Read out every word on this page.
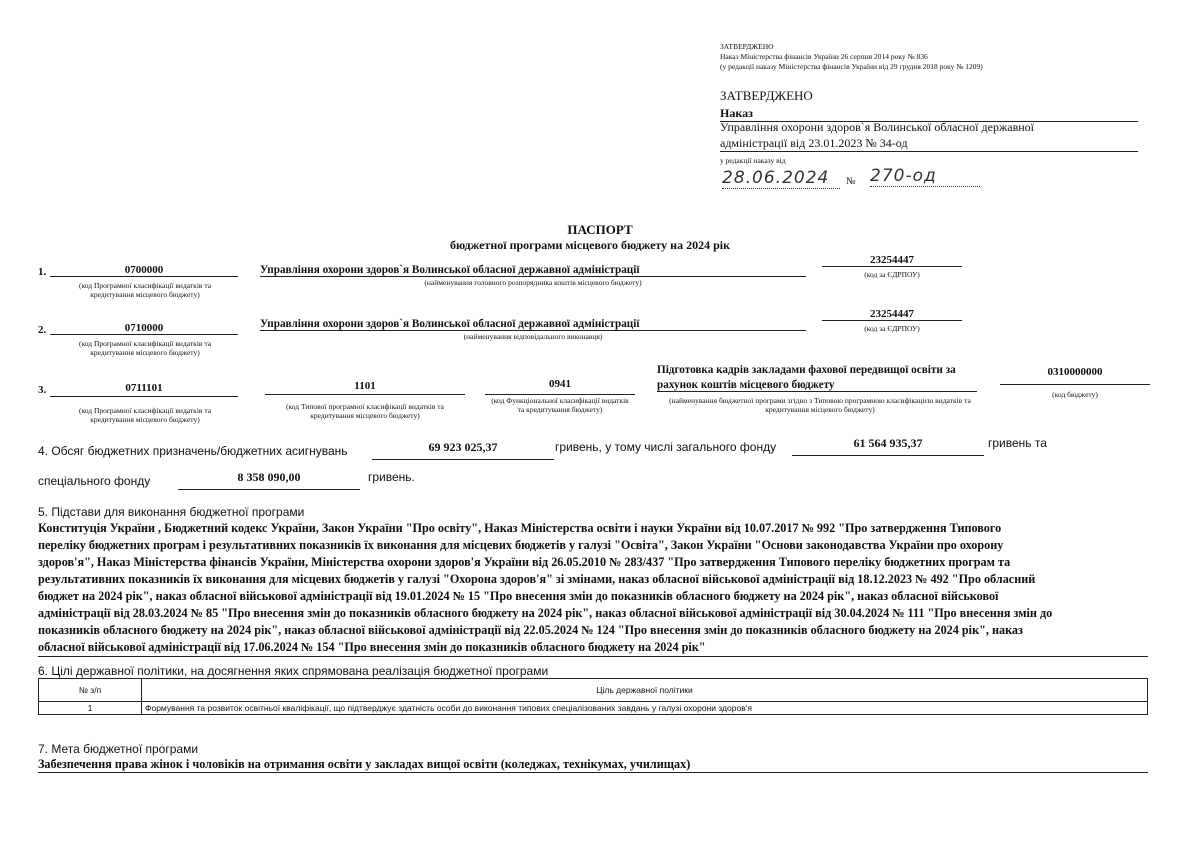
ЗАТВЕРДЖЕНО
Наказ Міністерства фінансів України 26 серпня 2014 року № 836
(у редакції наказу Міністерства фінансів України від 29 грудня 2018 року № 1209)
ЗАТВЕРДЖЕНО
Наказ
Управління охорони здоров`я Волинської обласної державної
адміністрації від 23.01.2023 № 34-од
у редакції наказу від
28.06.2024	№ 270-од
ПАСПОРТ
бюджетної програми місцевого бюджету на 2024 рік
1.	0700000
(код Програмної класифікації видатків та кредитування місцевого бюджету)
Управління охорони здоров`я Волинської обласної державної адміністрації
(найменування головного розпорядника коштів місцевого бюджету)
23254447
(код за ЄДРПОУ)
2.	0710000
(код Програмної класифікації видатків та кредитування місцевого бюджету)
Управління охорони здоров`я Волинської обласної державної адміністрації
(найменування відповідального виконавця)
23254447
(код за ЄДРПОУ)
3.	0711101
(код Програмної класифікації видатків та кредитування місцевого бюджету)
1101
(код Типової програмної класифікації видатків та кредитування місцевого бюджету)
0941
(код Функціональної класифікації видатків та кредитування бюджету)
Підготовка кадрів закладами фахової передвищої освіти за
рахунок коштів місцевого бюджету
(найменування бюджетної програми згідно з Типовою програмною класифікацією видатків та кредитування місцевого бюджету)
0310000000
(код бюджету)
4. Обсяг бюджетних призначень/бюджетних асигнувань	69 923 025,37	гривень, у тому числі загального фонду	61 564 935,37	гривень та
спеціального фонду	8 358 090,00	гривень.
5. Підстави для виконання бюджетної програми
Конституція України , Бюджетний кодекс України, Закон України "Про освіту", Наказ Міністерства освіти і науки України від 10.07.2017 № 992 "Про затвердження Типового
переліку бюджетних програм і результативних показників їх виконання для місцевих бюджетів у галузі "Освіта", Закон України "Основи законодавства України про охорону
здоров'я", Наказ Міністерства фінансів України, Міністерства охорони здоров'я України від 26.05.2010 № 283/437 "Про затвердження Типового переліку бюджетних програм та
результативних показників їх виконання для місцевих бюджетів у галузі "Охорона здоров'я" зі змінами, наказ обласної військової адміністрації від 18.12.2023 № 492 "Про обласний
бюджет на 2024 рік", наказ обласної військової адміністрації від 19.01.2024 № 15 "Про внесення змін до показників обласного бюджету на 2024 рік", наказ обласної військової
адміністрації від 28.03.2024 № 85 "Про внесення змін до показників обласного бюджету на 2024 рік", наказ обласної військової адміністрації від 30.04.2024 № 111 "Про внесення змін до
показників обласного бюджету на 2024 рік", наказ обласної військової адміністрації від 22.05.2024 № 124 "Про внесення змін до показників обласного бюджету на 2024 рік", наказ
обласної військової адміністрації від 17.06.2024 № 154 "Про внесення змін до показників обласного бюджету на 2024 рік"
6. Цілі державної політики, на досягнення яких спрямована реалізація бюджетної програми
№ з/п	Ціль державної політики
1	Формування та розвиток освітньої кваліфікації, що підтверджує здатність особи до виконання типових спеціалізованих завдань у галузі охорони здоров'я
7. Мета бюджетної програми
Забезпечення права жінок і чоловіків на отримання освіти у закладах вищої освіти (коледжах, технікумах, училищах)
